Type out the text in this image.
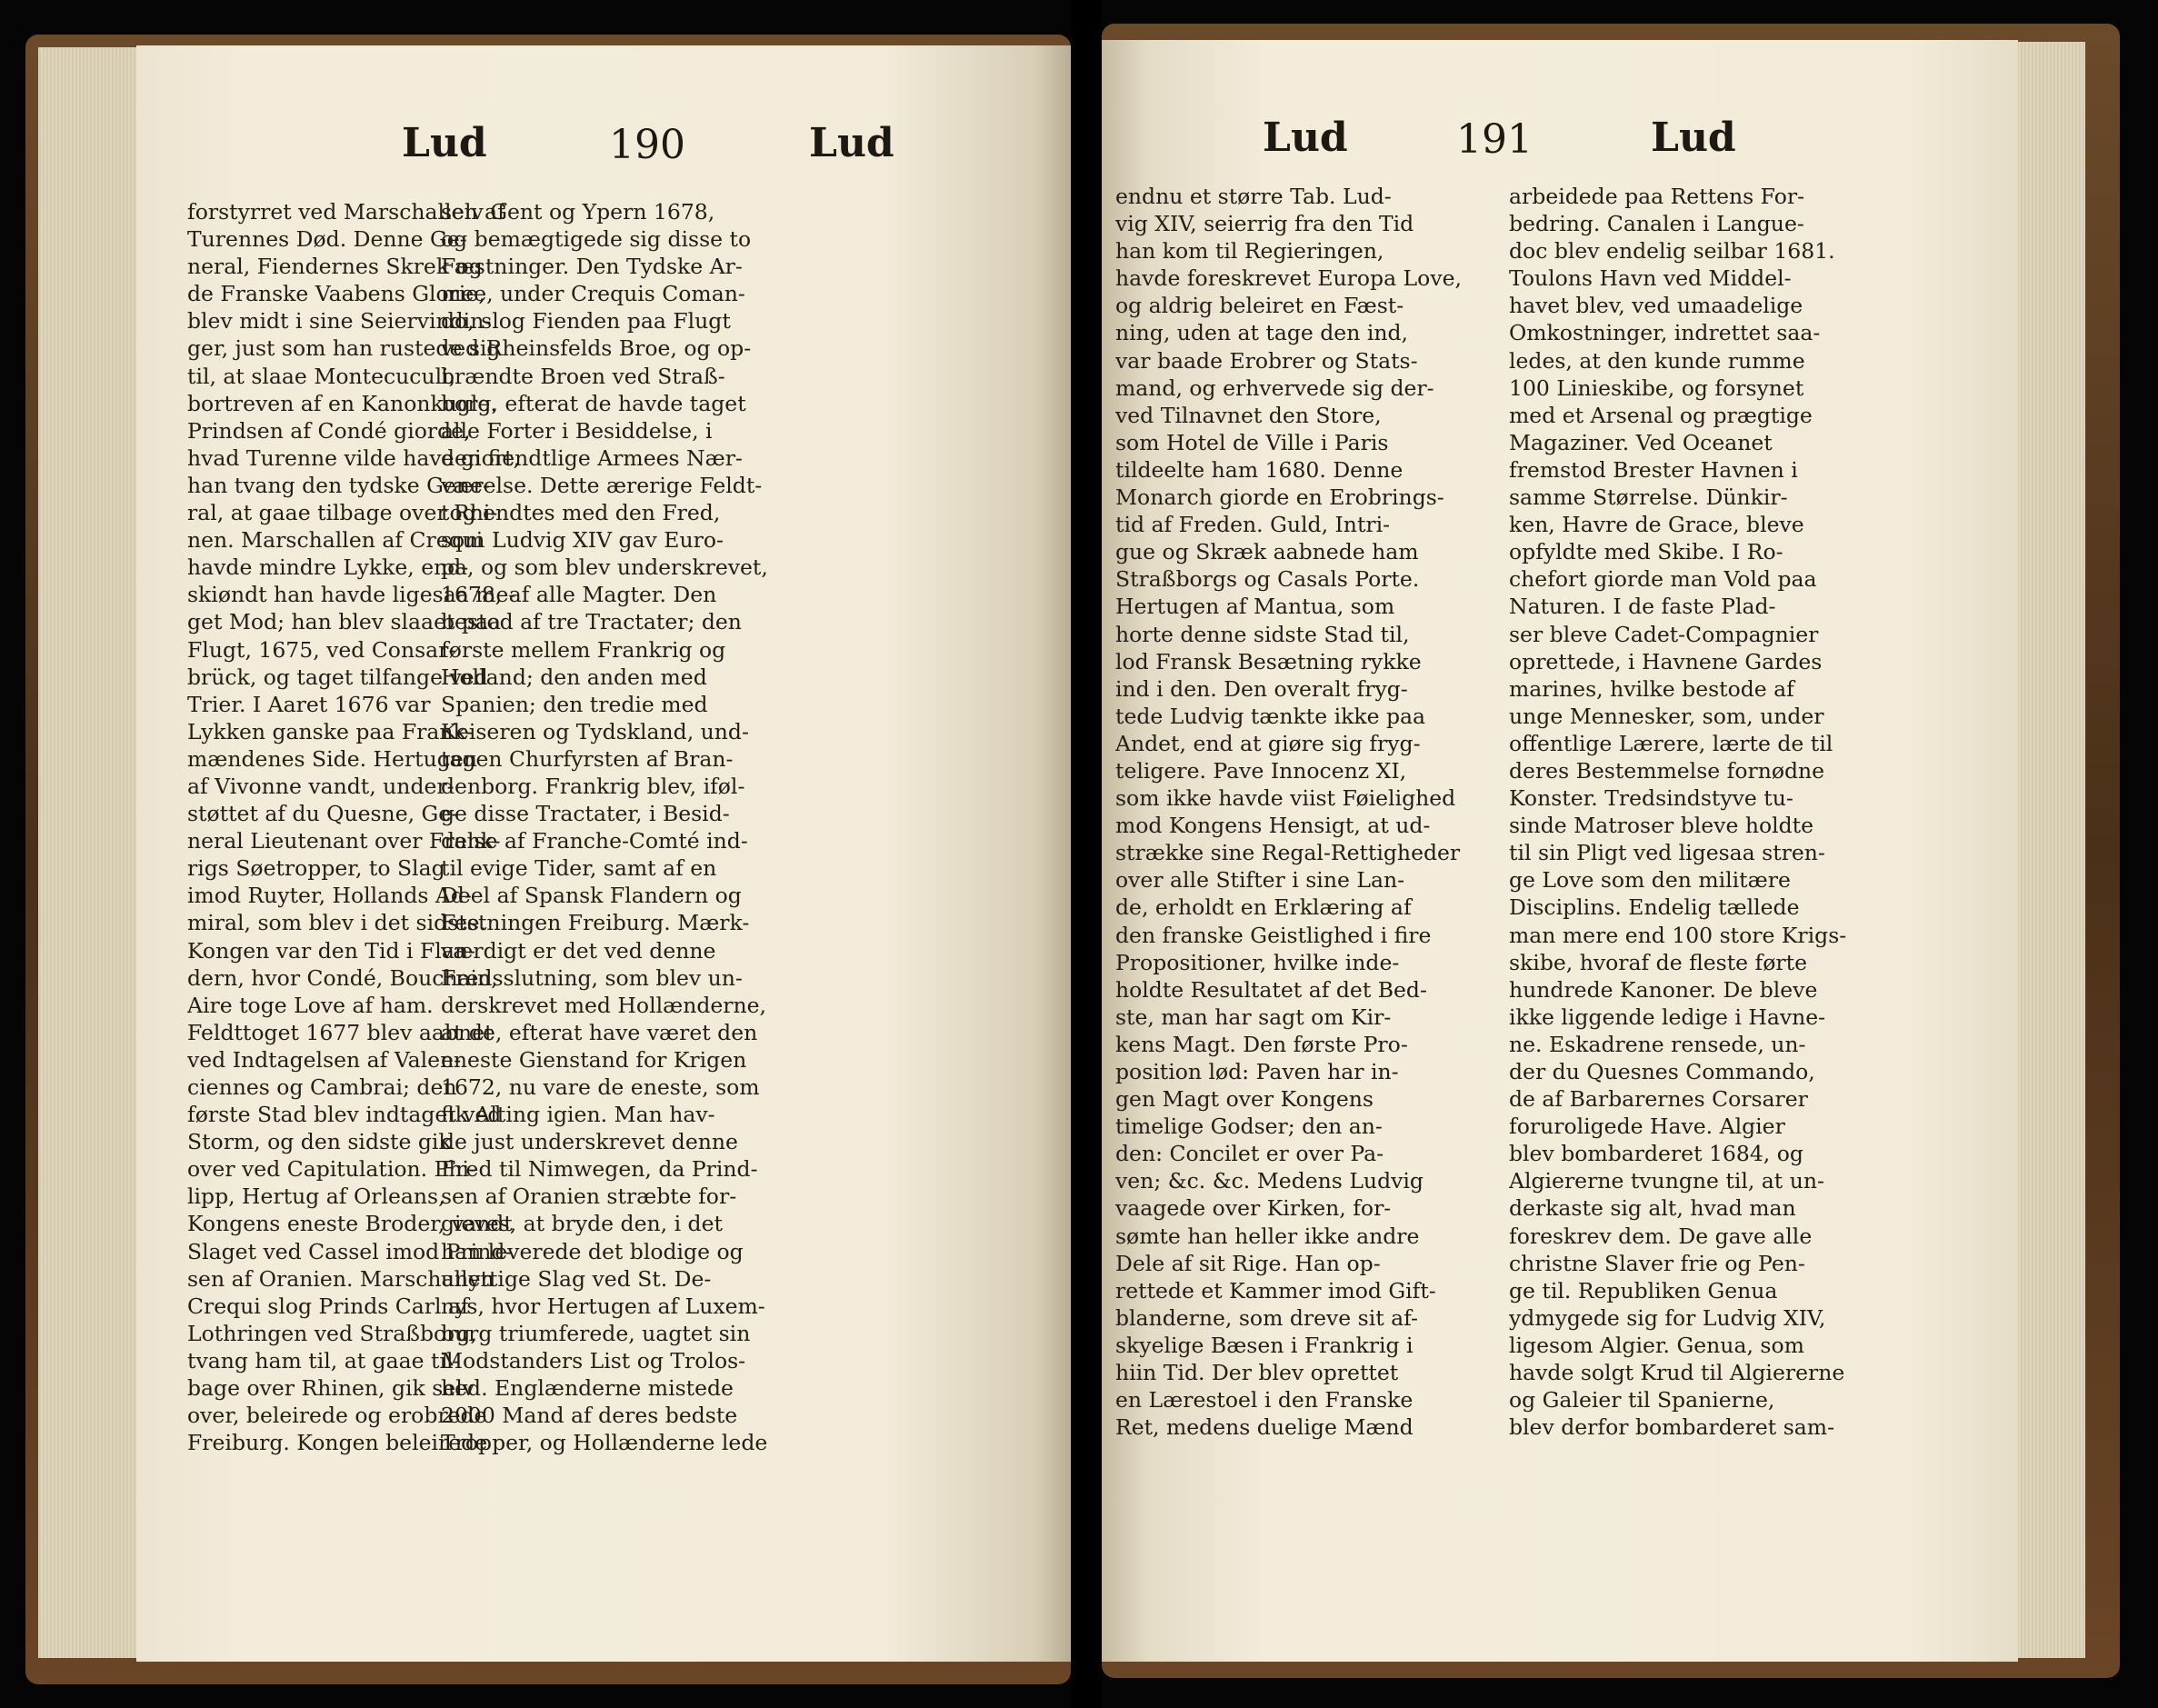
Lud	190	Lud
forstyrret ved Marschallen af
Turennes Død. Denne Ge-
neral, Fiendernes Skrek og
de Franske Vaabens Glorie,
blev midt i sine Seiervindin-
ger, just som han rustede sig
til, at slaae Montecuculi,
bortreven af en Kanonkugle.
Prindsen af Condé giorde,
hvad Turenne vilde have giort,
han tvang den tydske Gene-
ral, at gaae tilbage over Rhi-
nen. Marschallen af Crequi
havde mindre Lykke, end-
skiøndt han havde ligesaa me-
get Mod; han blev slaaet paa
Flugt, 1675, ved Consar-
brück, og taget tilfange ved
Trier. I Aaret 1676 var
Lykken ganske paa Frank-
mændenes Side. Hertugen
af Vivonne vandt, under-
støttet af du Quesne, Ge-
neral Lieutenant over Frank-
rigs Søetropper, to Slag
imod Ruyter, Hollands Ad-
miral, som blev i det sidste.
Kongen var den Tid i Flan-
dern, hvor Condé, Bouchain,
Aire toge Love af ham.
Feldttoget 1677 blev aabnet
ved Indtagelsen af Valen-
ciennes og Cambrai; den
første Stad blev indtaget ved
Storm, og den sidste gik
over ved Capitulation. Phi-
lipp, Hertug af Orleans,
Kongens eneste Broder, vandt
Slaget ved Cassel imod Prind-
sen af Oranien. Marschallen
Crequi slog Prinds Carl af
Lothringen ved Straßborg,
tvang ham til, at gaae til-
bage over Rhinen, gik selv
over, beleirede og erobrede
Freiburg. Kongen beleirede
selv Gent og Ypern 1678,
og bemægtigede sig disse to
Fæstninger. Den Tydske Ar-
mee, under Crequis Coman-
do, slog Fienden paa Flugt
ved Rheinsfelds Broe, og op-
brændte Broen ved Straß-
borg, efterat de havde taget
alle Forter i Besiddelse, i
den fiendtlige Armees Nær-
værelse. Dette ærerige Feldt-
tog endtes med den Fred,
som Ludvig XIV gav Euro-
pa, og som blev underskrevet,
1678, af alle Magter. Den
bestod af tre Tractater; den
første mellem Frankrig og
Holland; den anden med
Spanien; den tredie med
Keiseren og Tydskland, und-
tagen Churfyrsten af Bran-
denborg. Frankrig blev, iføl-
ge disse Tractater, i Besid-
delse af Franche-Comté ind-
til evige Tider, samt af en
Deel af Spansk Flandern og
Festningen Freiburg. Mærk-
værdigt er det ved denne
Fredsslutning, som blev un-
derskrevet med Hollænderne,
at de, efterat have været den
eneste Gienstand for Krigen
1672, nu vare de eneste, som
fik Alting igien. Man hav-
de just underskrevet denne
Fred til Nimwegen, da Prind-
sen af Oranien stræbte for-
gieves, at bryde den, i det
han leverede det blodige og
unyttige Slag ved St. De-
nys, hvor Hertugen af Luxem-
burg triumferede, uagtet sin
Modstanders List og Trolos-
hed. Englænderne mistede
2000 Mand af deres bedste
Tropper, og Hollænderne lede
Lud	191	Lud
endnu et større Tab. Lud-
vig XIV, seierrig fra den Tid
han kom til Regieringen,
havde foreskrevet Europa Love,
og aldrig beleiret en Fæst-
ning, uden at tage den ind,
var baade Erobrer og Stats-
mand, og erhvervede sig der-
ved Tilnavnet den Store,
som Hotel de Ville i Paris
tildeelte ham 1680. Denne
Monarch giorde en Erobrings-
tid af Freden. Guld, Intri-
gue og Skræk aabnede ham
Straßborgs og Casals Porte.
Hertugen af Mantua, som
horte denne sidste Stad til,
lod Fransk Besætning rykke
ind i den. Den overalt fryg-
tede Ludvig tænkte ikke paa
Andet, end at giøre sig fryg-
teligere. Pave Innocenz XI,
som ikke havde viist Føielighed
mod Kongens Hensigt, at ud-
strække sine Regal-Rettigheder
over alle Stifter i sine Lan-
de, erholdt en Erklæring af
den franske Geistlighed i fire
Propositioner, hvilke inde-
holdte Resultatet af det Bed-
ste, man har sagt om Kir-
kens Magt. Den første Pro-
position lød: Paven har in-
gen Magt over Kongens
timelige Godser; den an-
den: Concilet er over Pa-
ven; &c. &c. Medens Ludvig
vaagede over Kirken, for-
sømte han heller ikke andre
Dele af sit Rige. Han op-
rettede et Kammer imod Gift-
blanderne, som dreve sit af-
skyelige Bæsen i Frankrig i
hiin Tid. Der blev oprettet
en Lærestoel i den Franske
Ret, medens duelige Mænd
arbeidede paa Rettens For-
bedring. Canalen i Langue-
doc blev endelig seilbar 1681.
Toulons Havn ved Middel-
havet blev, ved umaadelige
Omkostninger, indrettet saa-
ledes, at den kunde rumme
100 Linieskibe, og forsynet
med et Arsenal og prægtige
Magaziner. Ved Oceanet
fremstod Brester Havnen i
samme Størrelse. Dünkir-
ken, Havre de Grace, bleve
opfyldte med Skibe. I Ro-
chefort giorde man Vold paa
Naturen. I de faste Plad-
ser bleve Cadet-Compagnier
oprettede, i Havnene Gardes
marines, hvilke bestode af
unge Mennesker, som, under
offentlige Lærere, lærte de til
deres Bestemmelse fornødne
Konster. Tredsindstyve tu-
sinde Matroser bleve holdte
til sin Pligt ved ligesaa stren-
ge Love som den militære
Disciplins. Endelig tællede
man mere end 100 store Krigs-
skibe, hvoraf de fleste førte
hundrede Kanoner. De bleve
ikke liggende ledige i Havne-
ne. Eskadrene rensede, un-
der du Quesnes Commando,
de af Barbarernes Corsarer
foruroligede Have. Algier
blev bombarderet 1684, og
Algiererne tvungne til, at un-
derkaste sig alt, hvad man
foreskrev dem. De gave alle
christne Slaver frie og Pen-
ge til. Republiken Genua
ydmygede sig for Ludvig XIV,
ligesom Algier. Genua, som
havde solgt Krud til Algiererne
og Galeier til Spanierne,
blev derfor bombarderet sam-
